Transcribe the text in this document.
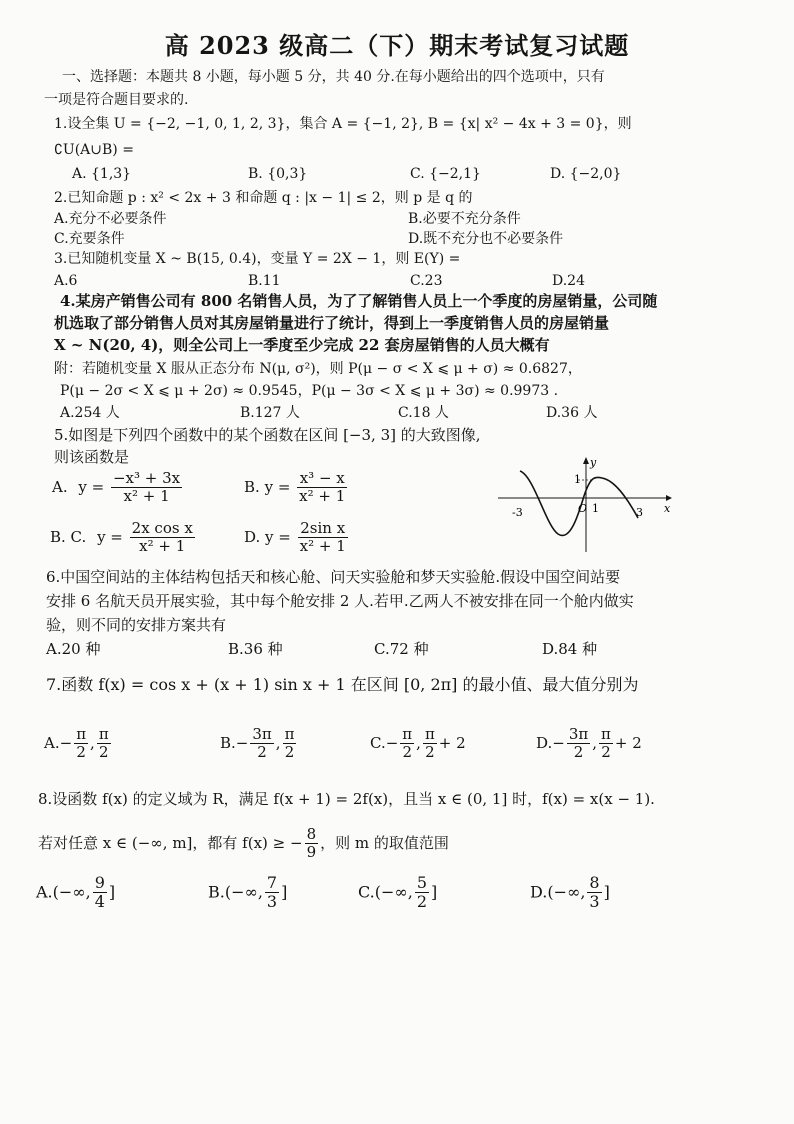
高 2023 级高二（下）期末考试复习试题
一、选择题：本题共 8 小题，每小题 5 分，共 40 分.在每小题给出的四个选项中，只有
一项是符合题目要求的.
1.设全集 U = {−2, −1, 0, 1, 2, 3}，集合 A = {−1, 2}, B = {x| x² − 4x + 3 = 0}，则
∁U(A∪B) =
A. {1,3}	B. {0,3}	C. {−2,1}	D. {−2,0}
2.已知命题 p : x² < 2x + 3 和命题 q : |x − 1| ≤ 2，则 p 是 q 的
A.充分不必要条件	B.必要不充分条件
C.充要条件	D.既不充分也不必要条件
3.已知随机变量 X ~ B(15, 0.4)，变量 Y = 2X − 1，则 E(Y) =
A.6	B.11	C.23	D.24
4.某房产销售公司有 800 名销售人员，为了了解销售人员上一个季度的房屋销量，公司随
机选取了部分销售人员对其房屋销量进行了统计，得到上一季度销售人员的房屋销量
X ~ N(20, 4)，则全公司上一季度至少完成 22 套房屋销售的人员大概有
附：若随机变量 X 服从正态分布 N(μ, σ²)，则 P(μ − σ < X ⩽ μ + σ) ≈ 0.6827，
P(μ − 2σ < X ⩽ μ + 2σ) ≈ 0.9545，P(μ − 3σ < X ⩽ μ + 3σ) ≈ 0.9973 .
A.254 人	B.127 人	C.18 人	D.36 人
5.如图是下列四个函数中的某个函数在区间 [−3, 3] 的大致图像,
则该函数是
A. $y = \frac{\text{−x³ + 3x}}{\text{x² + 1}}$	B. $y = \frac{\text{x³ − x}}{\text{x² + 1}}$
B. C. $y = \frac{\text{2x cos x}}{\text{x² + 1}}$	D. $y = \frac{\text{2sin x}}{\text{x² + 1}}$
y
x
1
O
-3	1	3
6.中国空间站的主体结构包括天和核心舱、问天实验舱和梦天实验舱.假设中国空间站要
安排 6 名航天员开展实验，其中每个舱安排 2 人.若甲.乙两人不被安排在同一个舱内做实
验，则不同的安排方案共有
A.20 种	B.36 种	C.72 种	D.84 种
7.函数 f(x) = cos x + (x + 1) sin x + 1 在区间 [0, 2π] 的最小值、最大值分别为
$A.- \frac{\pi}{2}$ , $\frac{\pi}{2}$	$B.- \frac{3\pi}{2}$ , $\frac{\pi}{2}$	$C.- \frac{\pi}{2}$ , $\frac{\pi}{2} + 2$	$D.- \frac{3\pi}{2}$ , $\frac{\pi}{2} + 2$
8.设函数 f(x) 的定义域为 R，满足 f(x + 1) = 2f(x)，且当 x ∈ (0, 1] 时，f(x) = x(x − 1).
若对任意 x ∈ (−∞, m]，都有 f(x) ≥ − $\frac{8}{9}$ ，则 m 的取值范围
A.(−∞, $\frac{9}{4}$ ]	B.(−∞, $\frac{7}{3}$ ]	C.(−∞, $\frac{5}{2}$ ]	D.(−∞, $\frac{8}{3}$ ]
